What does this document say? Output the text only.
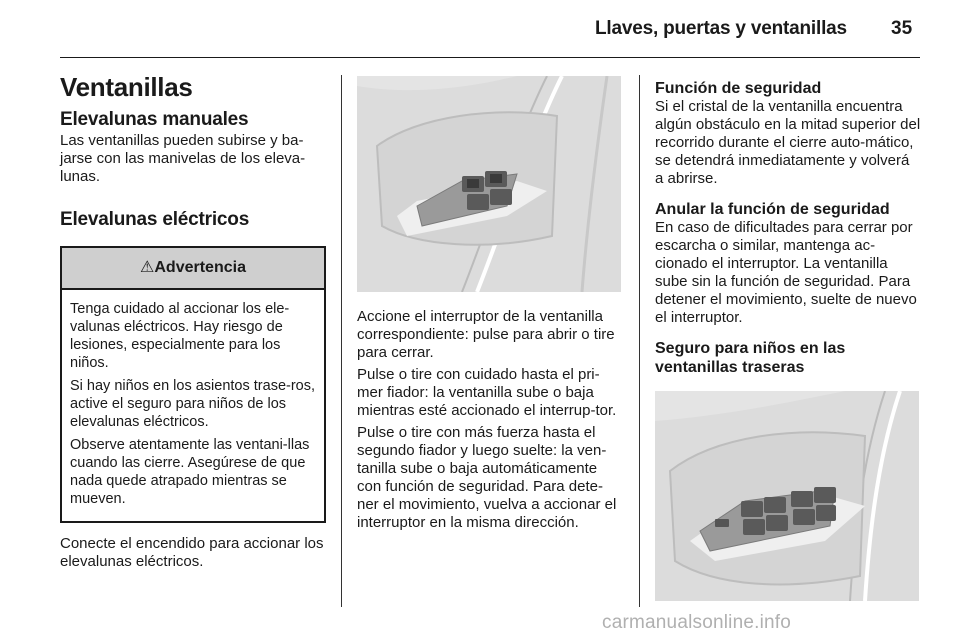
Llaves, puertas y ventanillas 35
Ventanillas
Elevalunas manuales

Las ventanillas pueden subirse y ba-jarse con las manivelas de los eleva-lunas.

Elevalunas eléctricos
⚠Advertencia

Tenga cuidado al accionar los ele-valunas eléctricos. Hay riesgo de lesiones, especialmente para los niños.

Si hay niños en los asientos trase-ros, active el seguro para niños de los elevalunas eléctricos.

Observe atentamente las ventani-llas cuando las cierre. Asegúrese de que nada quede atrapado mientras se mueven.

Conecte el encendido para accionar los elevalunas eléctricos.

Accione el interruptor de la ventanilla correspondiente: pulse para abrir o tire para cerrar.

Pulse o tire con cuidado hasta el pri-mer fiador: la ventanilla sube o baja mientras esté accionado el interrup-tor.

Pulse o tire con más fuerza hasta el segundo fiador y luego suelte: la ven-tanilla sube o baja automáticamente con función de seguridad. Para dete-ner el movimiento, vuelva a accionar el interruptor en la misma dirección.

Función de seguridad

Si el cristal de la ventanilla encuentra algún obstáculo en la mitad superior del recorrido durante el cierre auto-mático, se detendrá inmediatamente y volverá a abrirse.

Anular la función de seguridad

En caso de dificultades para cerrar por escarcha o similar, mantenga ac-cionado el interruptor. La ventanilla sube sin la función de seguridad. Para detener el movimiento, suelte de nuevo el interruptor.

Seguro para niños en las ventanillas traseras
carmanualsonline.info
